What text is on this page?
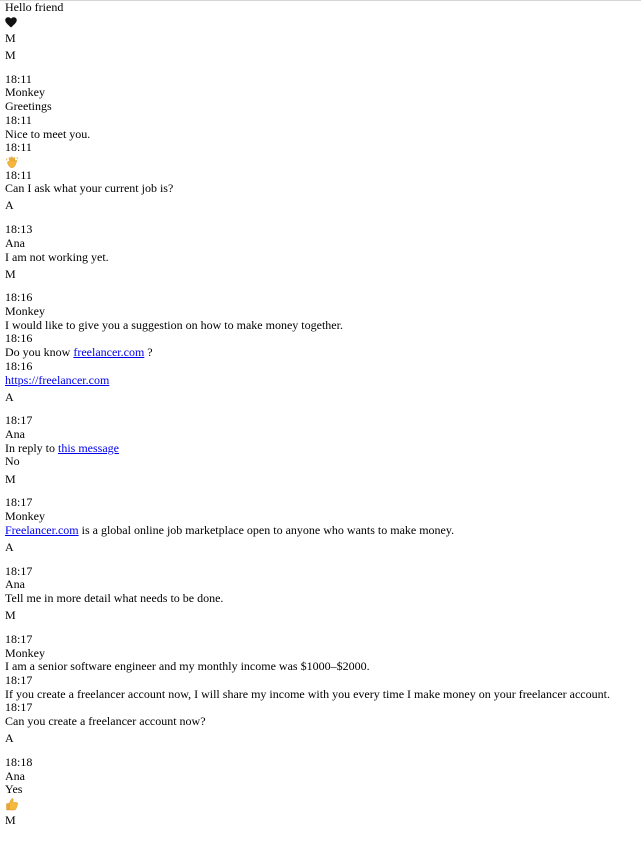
Hello friend
M
M
18:11
Monkey
Greetings
18:11
Nice to meet you.
18:11
18:11
Can I ask what your current job is?
A
18:13
Ana
I am not working yet.
M
18:16
Monkey
I would like to give you a suggestion on how to make money together.
18:16
Do you know freelancer.com ?
18:16
https://freelancer.com
A
18:17
Ana
In reply to this message
No
M
18:17
Monkey
Freelancer.com is a global online job marketplace open to anyone who wants to make money.
A
18:17
Ana
Tell me in more detail what needs to be done.
M
18:17
Monkey
I am a senior software engineer and my monthly income was $1000–$2000.
18:17
If you create a freelancer account now, I will share my income with you every time I make money on your freelancer account.
18:17
Can you create a freelancer account now?
A
18:18
Ana
Yes
M
